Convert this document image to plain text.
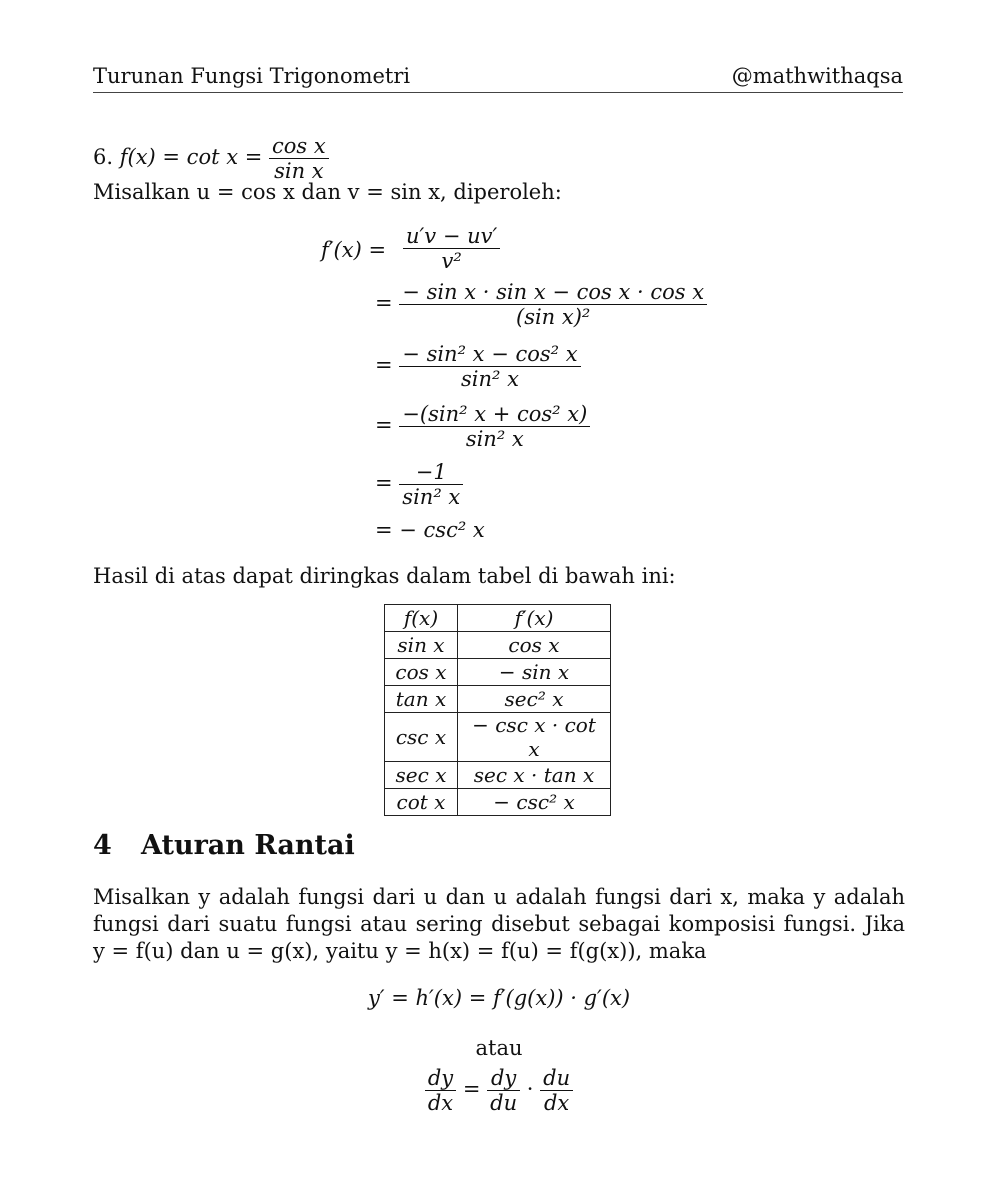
Turunan Fungsi Trigonometri	@mathwithaqsa
6. $f(x) = \cot x = \frac{\text{cos x}}{\text{sin x}}$
Misalkan u = cos x dan v = sin x, diperoleh:
$f'(x) = \frac{u'v - uv'}{\text{v²}}$
= $\frac{\text{− sin x · sin x − cos x · cos x}}{\text{(sin x)²}}$
= $\frac{\text{− sin² x − cos² x}}{\text{sin² x}}$
= $\frac{\text{−(sin² x + cos² x)}}{\text{sin² x}}$
= $\frac{-1}{\text{sin² x}}$
= − csc² x
Hasil di atas dapat diringkas dalam tabel di bawah ini:
f(x)	f′(x)
sin x	cos x
cos x	− sin x
tan x	sec² x
csc x	− csc x · cot x
sec x	sec x · tan x
cot x	− csc² x
4 Aturan Rantai
Misalkan y adalah fungsi dari u dan u adalah fungsi dari x, maka y adalah fungsi dari suatu fungsi atau sering disebut sebagai komposisi fungsi. Jika y = f(u) dan u = g(x), yaitu y = h(x) = f(u) = f(g(x)), maka
y′ = h′(x) = f′(g(x)) · g′(x)
atau
$\frac{dy}{dx} = \frac{dy}{du} \cdot \frac{du}{dx}$
